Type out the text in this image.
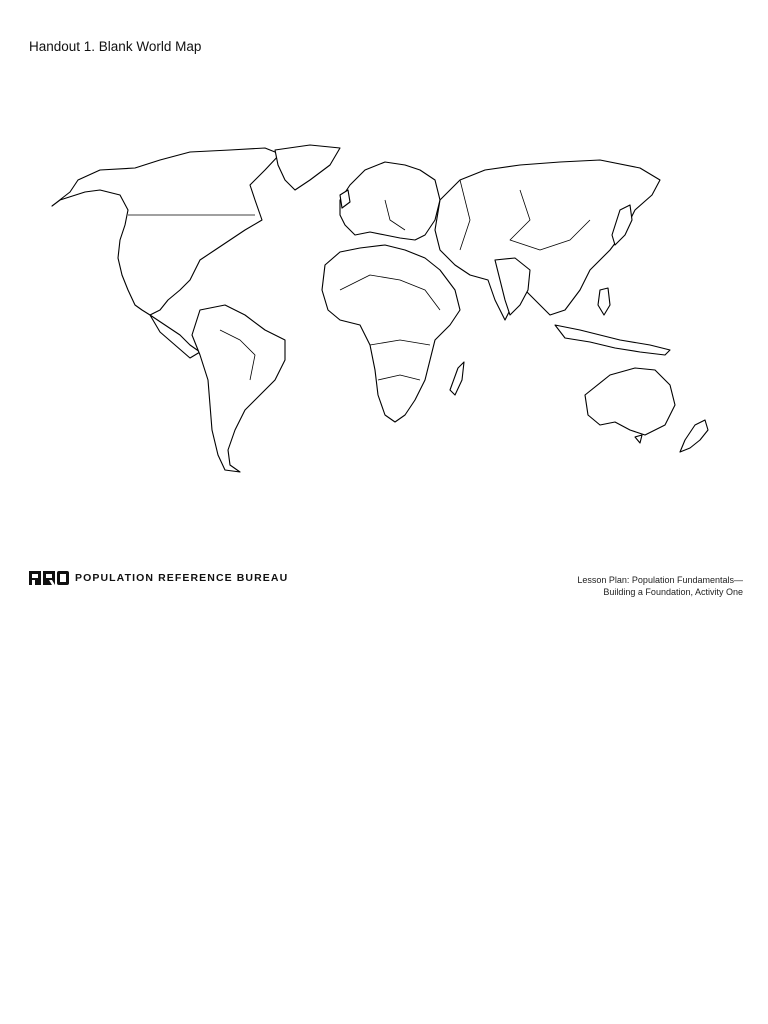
Handout 1. Blank World Map
POPULATION REFERENCE BUREAU	Lesson Plan: Population Fundamentals—
Building a Foundation, Activity One
